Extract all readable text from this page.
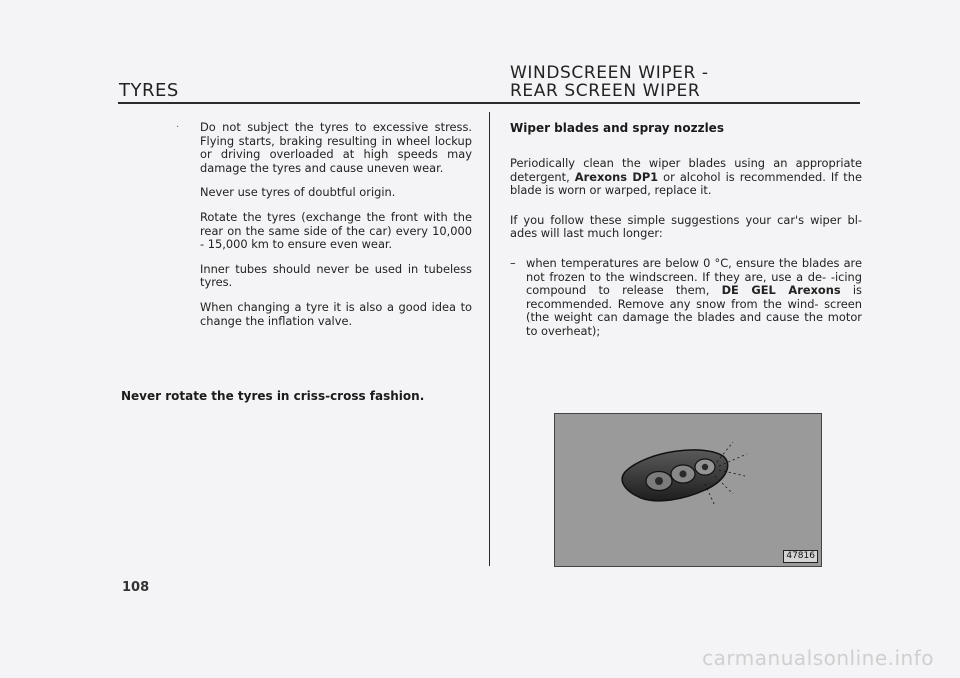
TYRES
WINDSCREEN WIPER -
REAR SCREEN WIPER
· Do not subject the tyres to excessive stress. Flying starts, braking resulting in wheel lockup or driving overloaded at high speeds may damage the tyres and cause uneven wear.

Never use tyres of doubtful origin.

Rotate the tyres (exchange the front with the rear on the same side of the car) every 10,000 - 15,000 km to ensure even wear.

Inner tubes should never be used in tubeless tyres.

When changing a tyre it is also a good idea to change the inflation valve.

Never rotate the tyres in criss-cross fashion.
108
Wiper blades and spray nozzles

Periodically clean the wiper blades using an appropriate detergent, Arexons DP1 or alcohol is recommended. If the blade is worn or warped, replace it.

If you follow these simple suggestions your car's wiper bl- ades will last much longer:

– when temperatures are below 0 °C, ensure the blades are not frozen to the windscreen. If they are, use a de- -icing compound to release them, DE GEL Arexons is recommended. Remove any snow from the wind- screen (the weight can damage the blades and cause the motor to overheat);
47816
carmanualsonline.info
